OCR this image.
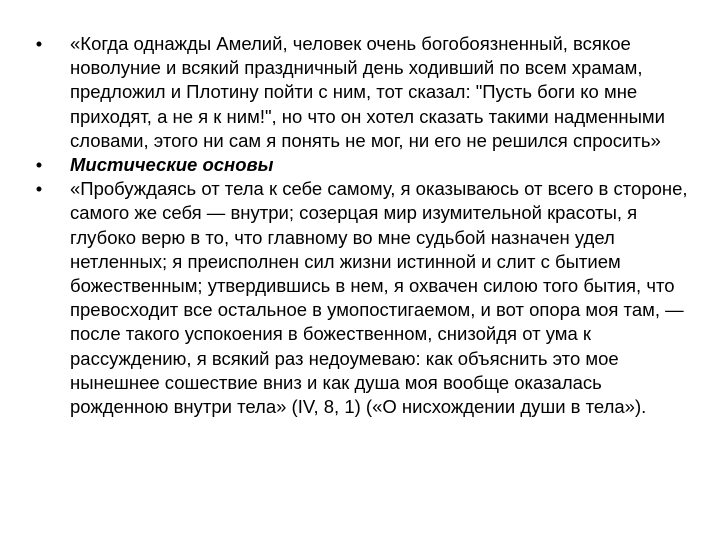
• «Когда однажды Амелий, человек очень богобоязненный, всякое новолуние и всякий праздничный день ходивший по всем храмам, предложил и Плотину пойти с ним, тот сказал: "Пусть боги ко мне приходят, а не я к ним!", но что он хотел сказать такими надменными словами, этого ни сам я понять не мог, ни его не решился спросить»
• Мистические основы
• «Пробуждаясь от тела к себе самому, я оказываюсь от всего в стороне, самого же себя — внутри; созерцая мир изумительной красоты, я глубоко верю в то, что главному во мне судьбой назначен удел нетленных; я преисполнен сил жизни истинной и слит с бытием божественным; утвердившись в нем, я охвачен силою того бытия, что превосходит все остальное в умопостигаемом, и вот опора моя там, — после такого успокоения в божественном, снизойдя от ума к рассуждению, я всякий раз недоумеваю: как объяснить это мое нынешнее сошествие вниз и как душа моя вообще оказалась рожденною внутри тела» (IV, 8, 1) («О нисхождении души в тела»).
